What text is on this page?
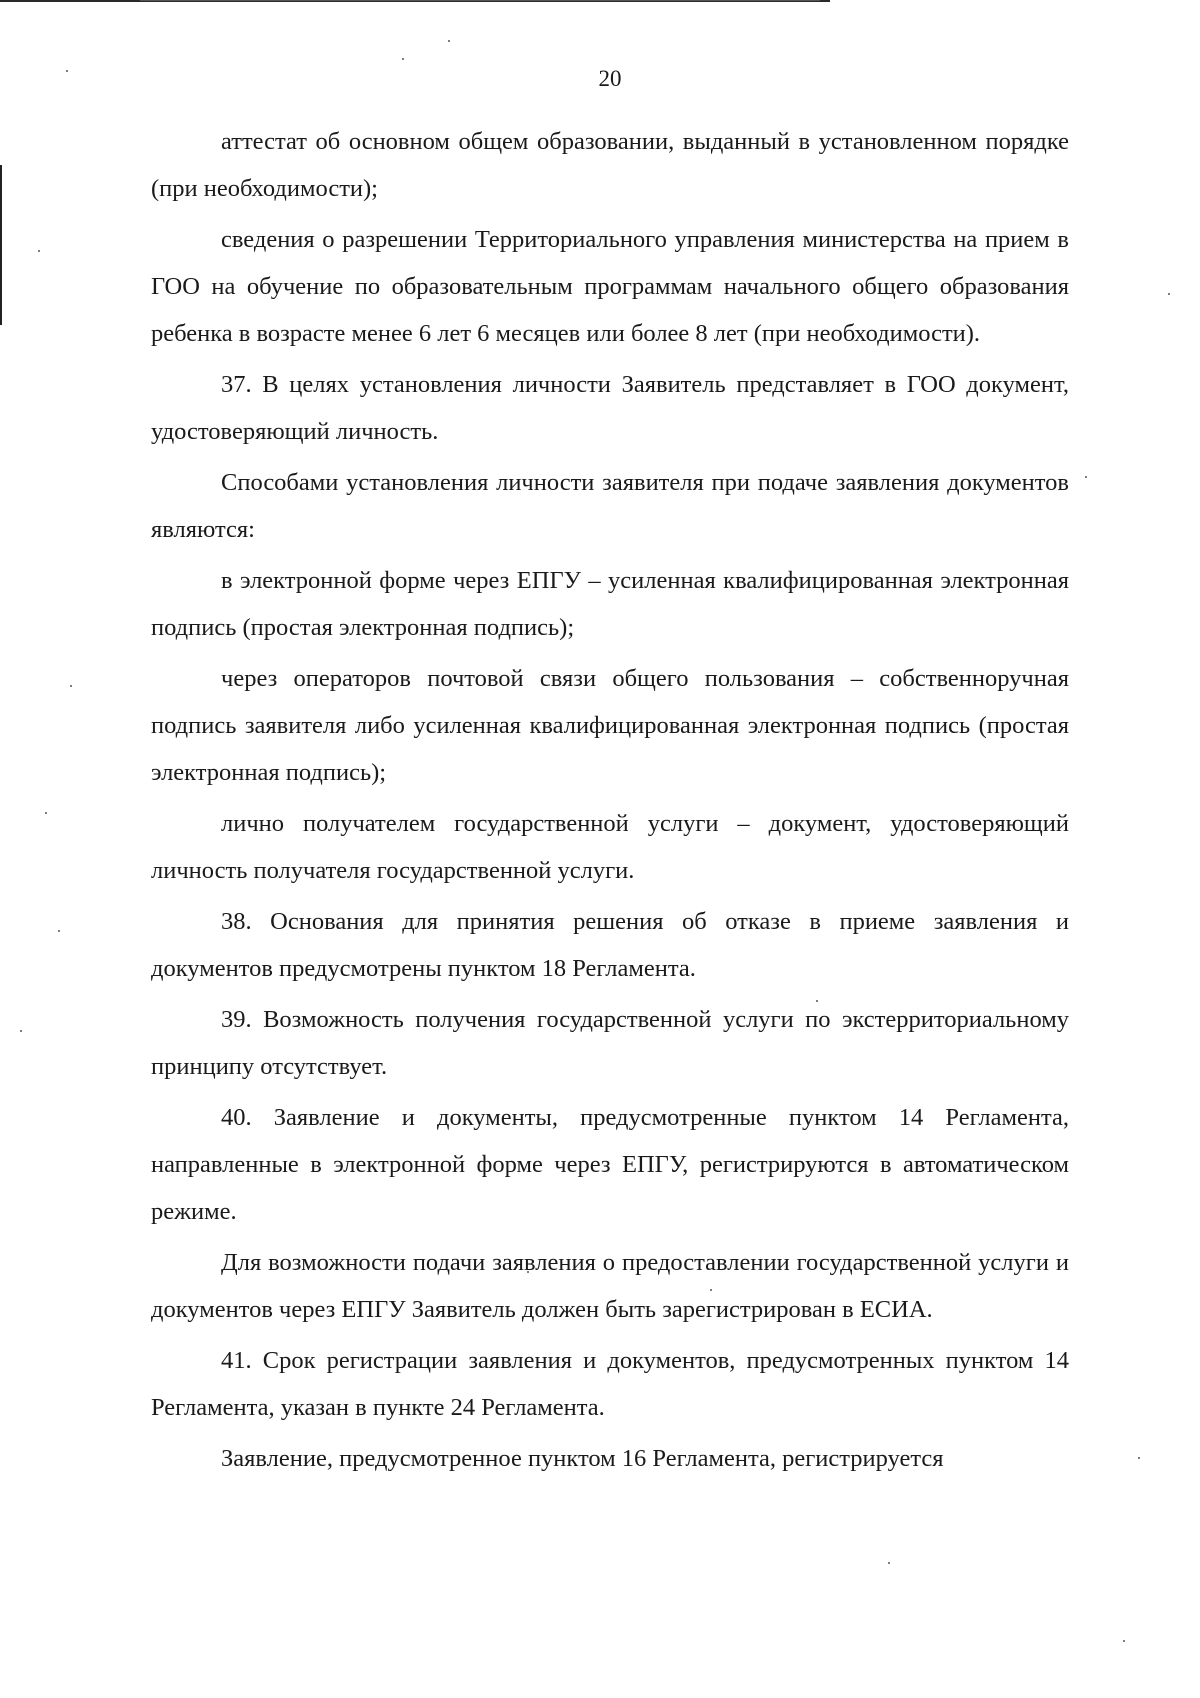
20

аттестат об основном общем образовании, выданный в установленном порядке (при необходимости);

сведения о разрешении Территориального управления министерства на прием в ГОО на обучение по образовательным программам начального общего образования ребенка в возрасте менее 6 лет 6 месяцев или более 8 лет (при необходимости).

37. В целях установления личности Заявитель представляет в ГОО документ, удостоверяющий личность.

Способами установления личности заявителя при подаче заявления документов являются:

в электронной форме через ЕПГУ – усиленная квалифицированная электронная подпись (простая электронная подпись);

через операторов почтовой связи общего пользования – собственноручная подпись заявителя либо усиленная квалифицированная электронная подпись (простая электронная подпись);

лично получателем государственной услуги – документ, удостоверяющий личность получателя государственной услуги.

38. Основания для принятия решения об отказе в приеме заявления и документов предусмотрены пунктом 18 Регламента.

39. Возможность получения государственной услуги по экстерриториальному принципу отсутствует.

40. Заявление и документы, предусмотренные пунктом 14 Регламента, направленные в электронной форме через ЕПГУ, регистрируются в автоматическом режиме.

Для возможности подачи заявления о предоставлении государственной услуги и документов через ЕПГУ Заявитель должен быть зарегистрирован в ЕСИА.

41. Срок регистрации заявления и документов, предусмотренных пунктом 14 Регламента, указан в пункте 24 Регламента.

Заявление, предусмотренное пунктом 16 Регламента, регистрируется
